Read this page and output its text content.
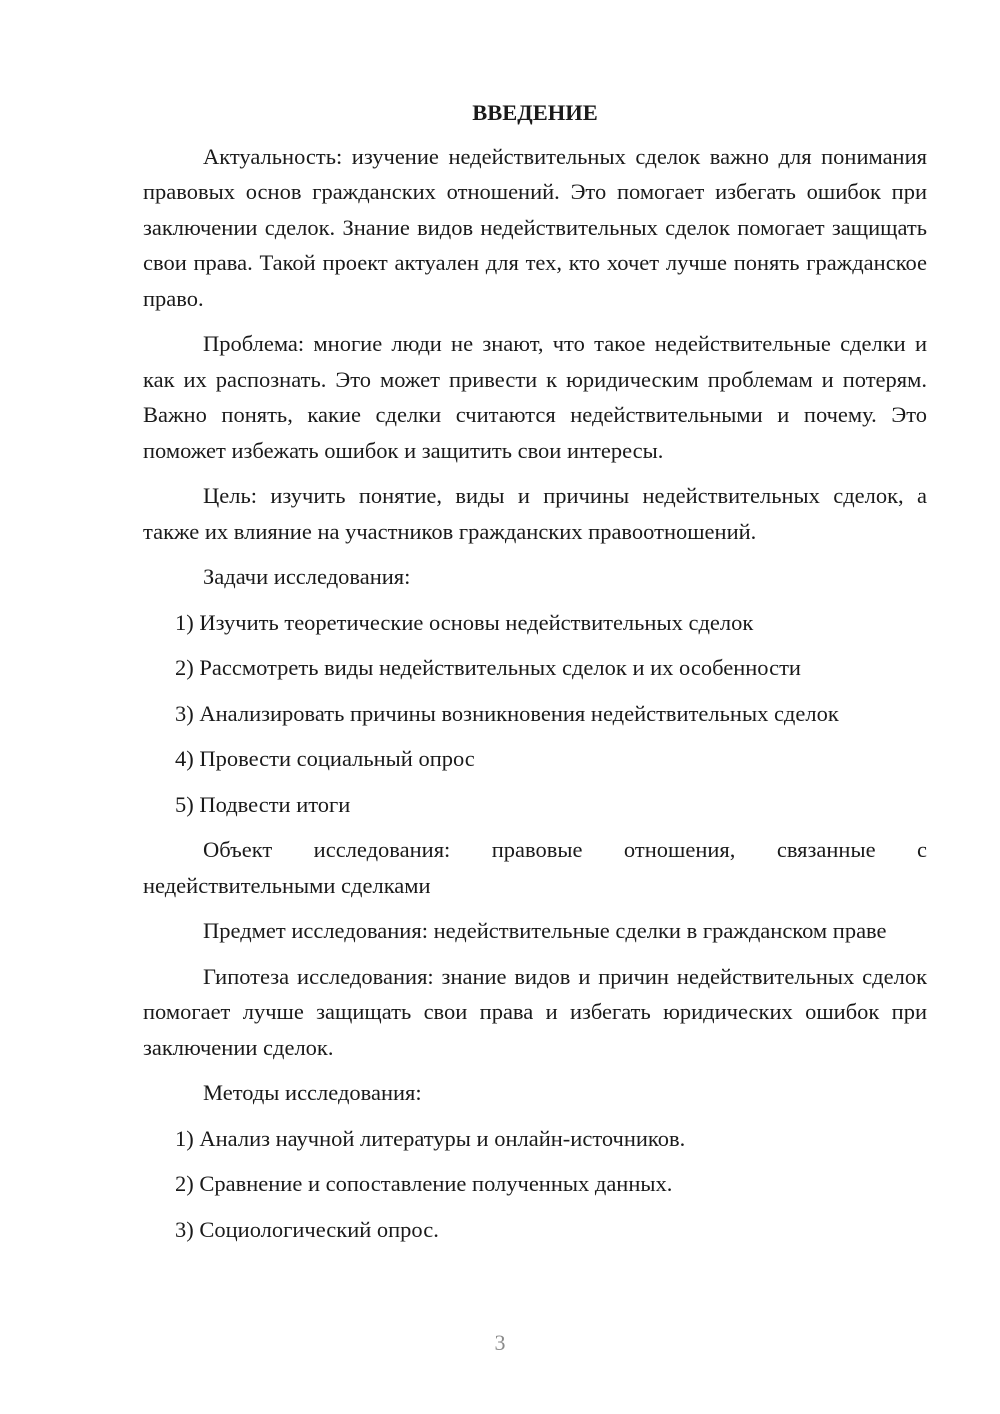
ВВЕДЕНИЕ

Актуальность: изучение недействительных сделок важно для понимания правовых основ гражданских отношений. Это помогает избегать ошибок при заключении сделок. Знание видов недействительных сделок помогает защищать свои права. Такой проект актуален для тех, кто хочет лучше понять гражданское право.

Проблема: многие люди не знают, что такое недействительные сделки и как их распознать. Это может привести к юридическим проблемам и потерям. Важно понять, какие сделки считаются недействительными и почему. Это поможет избежать ошибок и защитить свои интересы.

Цель: изучить понятие, виды и причины недействительных сделок, а также их влияние на участников гражданских правоотношений.

Задачи исследования:
1) Изучить теоретические основы недействительных сделок
2) Рассмотреть виды недействительных сделок и их особенности
3) Анализировать причины возникновения недействительных сделок
4) Провести социальный опрос
5) Подвести итоги

Объект исследования: правовые отношения, связанные с недействительными сделками

Предмет исследования: недействительные сделки в гражданском праве

Гипотеза исследования: знание видов и причин недействительных сделок помогает лучше защищать свои права и избегать юридических ошибок при заключении сделок.

Методы исследования:
1) Анализ научной литературы и онлайн-источников.
2) Сравнение и сопоставление полученных данных.
3) Социологический опрос.
3
